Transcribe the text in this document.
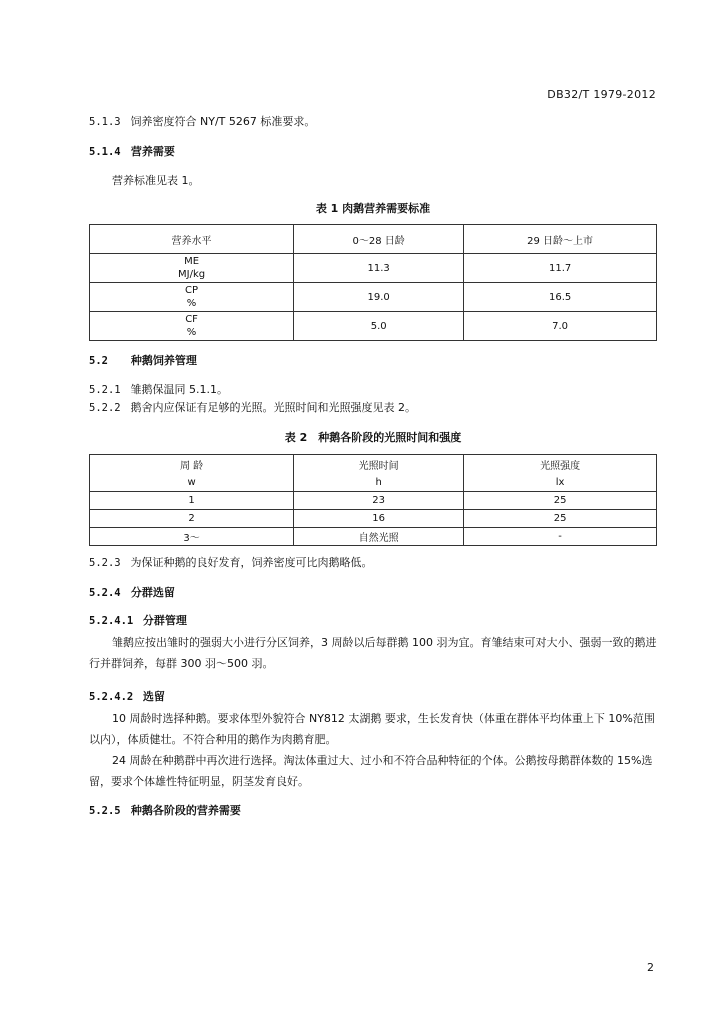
DB32/T 1979-2012
5.1.3 饲养密度符合 NY/T 5267 标准要求。
5.1.4 营养需要
营养标准见表 1。
表 1 肉鹅营养需要标准
营养水平	0～28 日龄	29 日龄～上市

ME
MJ/kg	11.3	11.7

CP
%	19.0	16.5

CF
%	5.0	7.0
5.2 种鹅饲养管理
5.2.1 雏鹅保温同 5.1.1。
5.2.2 鹅舍内应保证有足够的光照。光照时间和光照强度见表 2。
表 2　种鹅各阶段的光照时间和强度
周 龄	光照时间	光照强度
w	h	lx
1	23	25
2	16	25
3～	自然光照	-
5.2.3 为保证种鹅的良好发育，饲养密度可比肉鹅略低。
5.2.4 分群选留
5.2.4.1 分群管理
雏鹅应按出雏时的强弱大小进行分区饲养，3 周龄以后每群鹅 100 羽为宜。育雏结束可对大小、强弱一致的鹅进行并群饲养，每群 300 羽～500 羽。
5.2.4.2 选留
10 周龄时选择种鹅。要求体型外貌符合 NY812 太湖鹅 要求，生长发育快（体重在群体平均体重上下 10%范围以内），体质健壮。不符合种用的鹅作为肉鹅育肥。
24 周龄在种鹅群中再次进行选择。淘汰体重过大、过小和不符合品种特征的个体。公鹅按母鹅群体数的 15%选留，要求个体雄性特征明显，阴茎发育良好。
5.2.5 种鹅各阶段的营养需要
2
